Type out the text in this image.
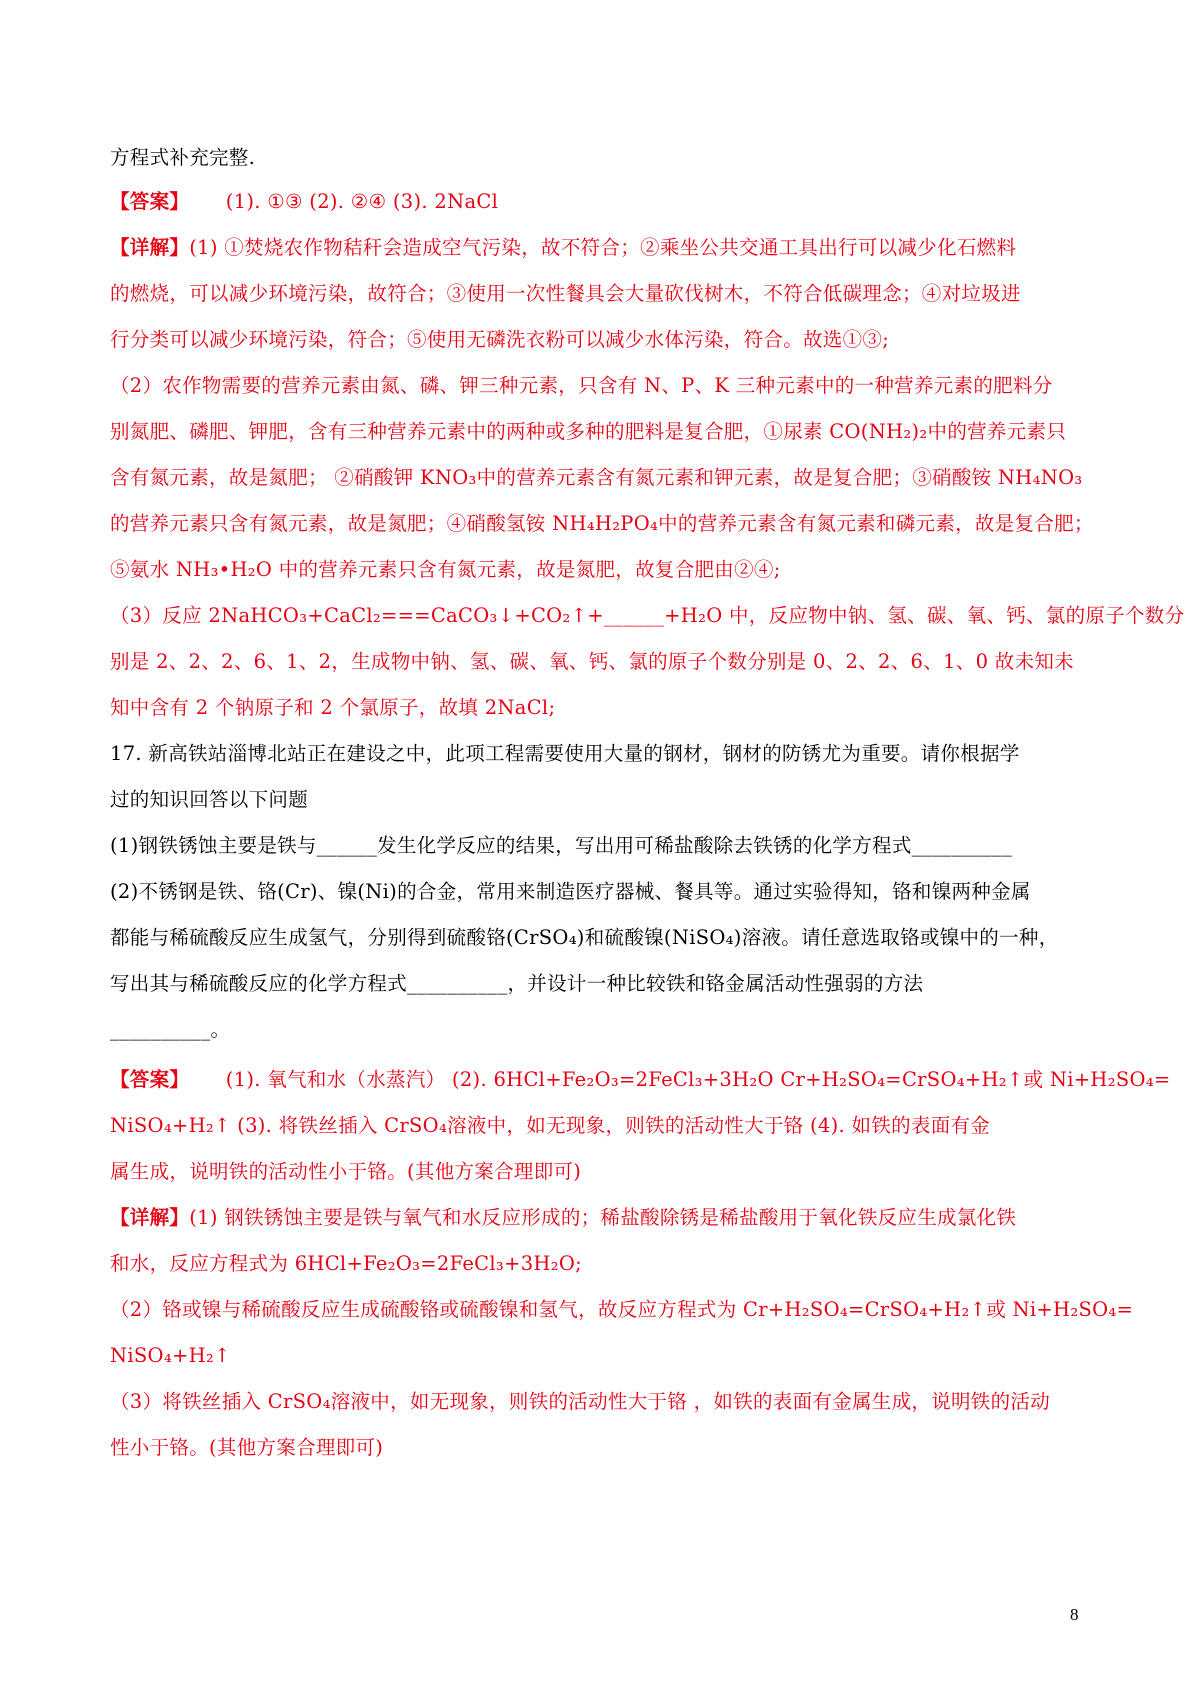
方程式补充完整.
【答案】 (1). ①③ (2). ②④ (3). 2NaCl
【详解】(1) ①焚烧农作物秸秆会造成空气污染，故不符合；②乘坐公共交通工具出行可以减少化石燃料
的燃烧，可以减少环境污染，故符合；③使用一次性餐具会大量砍伐树木，不符合低碳理念；④对垃圾进
行分类可以减少环境污染，符合；⑤使用无磷洗衣粉可以减少水体污染，符合。故选①③;
（2）农作物需要的营养元素由氮、磷、钾三种元素，只含有 N、P、K 三种元素中的一种营养元素的肥料分
别氮肥、磷肥、钾肥，含有三种营养元素中的两种或多种的肥料是复合肥，①尿素 CO(NH₂)₂中的营养元素只
含有氮元素，故是氮肥； ②硝酸钾 KNO₃中的营养元素含有氮元素和钾元素，故是复合肥；③硝酸铵 NH₄NO₃
的营养元素只含有氮元素，故是氮肥；④硝酸氢铵 NH₄H₂PO₄中的营养元素含有氮元素和磷元素，故是复合肥；
⑤氨水 NH₃•H₂O 中的营养元素只含有氮元素，故是氮肥，故复合肥由②④;
（3）反应 2NaHCO₃+CaCl₂===CaCO₃↓+CO₂↑+______+H₂O 中，反应物中钠、氢、碳、氧、钙、氯的原子个数分
别是 2、2、2、6、1、2，生成物中钠、氢、碳、氧、钙、氯的原子个数分别是 0、2、2、6、1、0 故未知未
知中含有 2 个钠原子和 2 个氯原子，故填 2NaCl;
17. 新高铁站淄博北站正在建设之中，此项工程需要使用大量的钢材，钢材的防锈尤为重要。请你根据学
过的知识回答以下问题
(1)钢铁锈蚀主要是铁与______发生化学反应的结果，写出用可稀盐酸除去铁锈的化学方程式__________
(2)不锈钢是铁、铬(Cr)、镍(Ni)的合金，常用来制造医疗器械、餐具等。通过实验得知，铬和镍两种金属
都能与稀硫酸反应生成氢气，分别得到硫酸铬(CrSO₄)和硫酸镍(NiSO₄)溶液。请任意选取铬或镍中的一种，
写出其与稀硫酸反应的化学方程式__________，并设计一种比较铁和铬金属活动性强弱的方法
__________。
【答案】 (1). 氧气和水（水蒸汽） (2). 6HCl+Fe₂O₃=2FeCl₃+3H₂O Cr+H₂SO₄=CrSO₄+H₂↑或 Ni+H₂SO₄=
NiSO₄+H₂↑ (3). 将铁丝插入 CrSO₄溶液中，如无现象，则铁的活动性大于铬 (4). 如铁的表面有金
属生成，说明铁的活动性小于铬。(其他方案合理即可)
【详解】(1) 钢铁锈蚀主要是铁与氧气和水反应形成的；稀盐酸除锈是稀盐酸用于氧化铁反应生成氯化铁
和水，反应方程式为 6HCl+Fe₂O₃=2FeCl₃+3H₂O;
（2）铬或镍与稀硫酸反应生成硫酸铬或硫酸镍和氢气，故反应方程式为 Cr+H₂SO₄=CrSO₄+H₂↑或 Ni+H₂SO₄=
NiSO₄+H₂↑
（3）将铁丝插入 CrSO₄溶液中，如无现象，则铁的活动性大于铬 ，如铁的表面有金属生成，说明铁的活动
性小于铬。(其他方案合理即可)
8
